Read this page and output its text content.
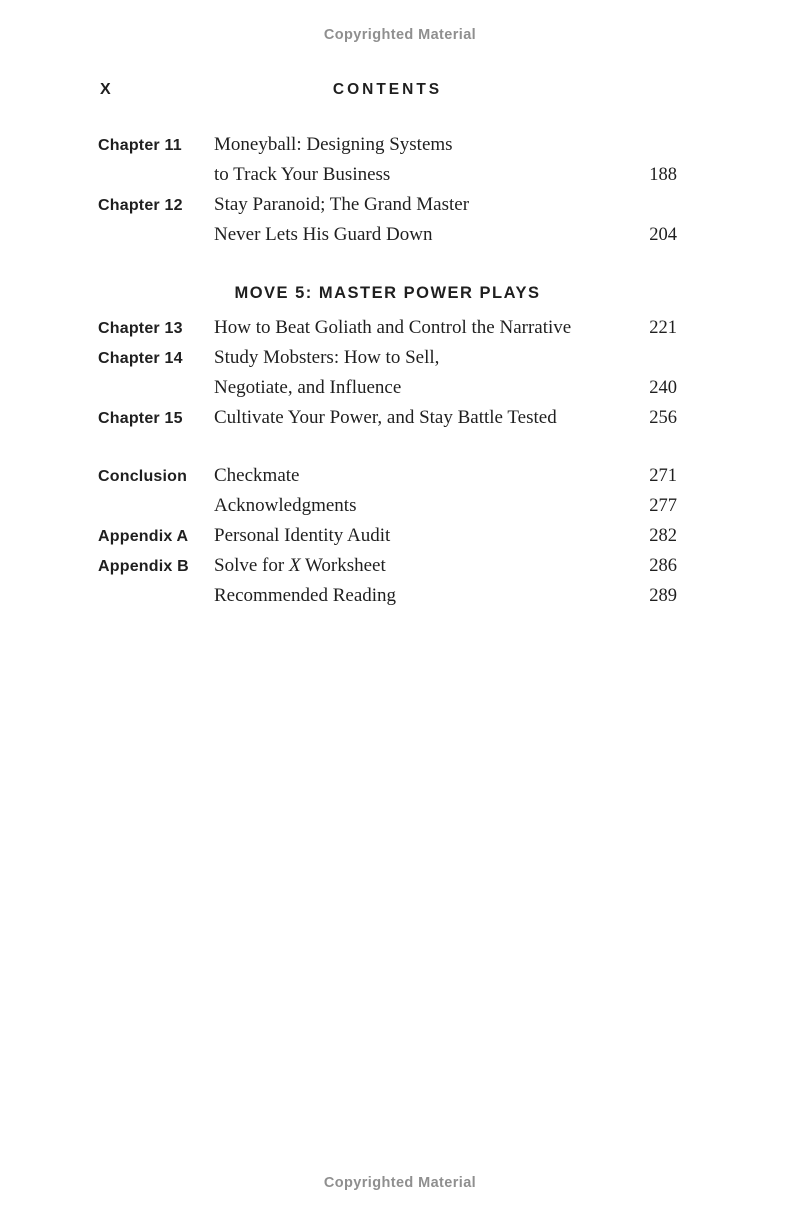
Copyrighted Material
X	CONTENTS
Chapter 11	Moneyball: Designing Systems
to Track Your Business	188
Chapter 12	Stay Paranoid; The Grand Master
Never Lets His Guard Down	204
MOVE 5: MASTER POWER PLAYS
Chapter 13	How to Beat Goliath and Control the Narrative	221
Chapter 14	Study Mobsters: How to Sell,
Negotiate, and Influence	240
Chapter 15	Cultivate Your Power, and Stay Battle Tested	256
Conclusion	Checkmate	271
Acknowledgments	277
Appendix A	Personal Identity Audit	282
Appendix B	Solve for X Worksheet	286
Recommended Reading	289
Copyrighted Material
